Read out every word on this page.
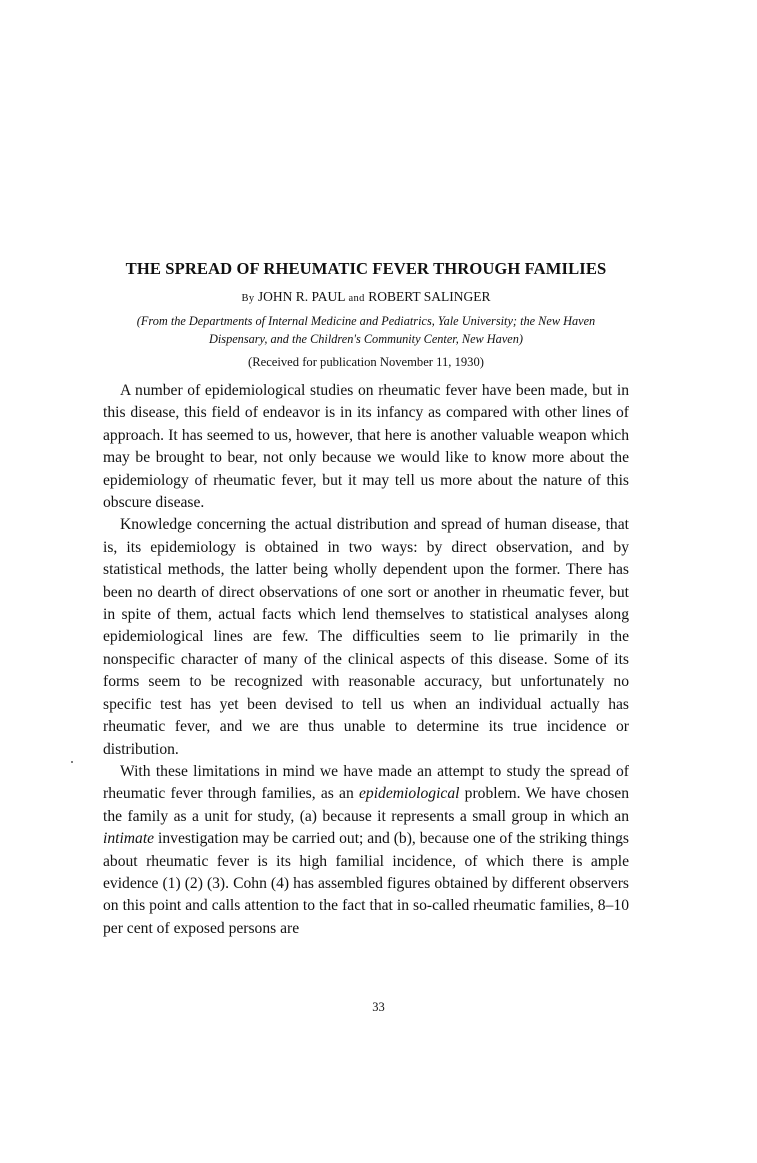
THE SPREAD OF RHEUMATIC FEVER THROUGH FAMILIES

By JOHN R. PAUL and ROBERT SALINGER

(From the Departments of Internal Medicine and Pediatrics, Yale University; the New Haven
Dispensary, and the Children's Community Center, New Haven)

(Received for publication November 11, 1930)

A number of epidemiological studies on rheumatic fever have been made, but in this disease, this field of endeavor is in its infancy as compared with other lines of approach. It has seemed to us, however, that here is another valuable weapon which may be brought to bear, not only because we would like to know more about the epidemiology of rheumatic fever, but it may tell us more about the nature of this obscure disease.

Knowledge concerning the actual distribution and spread of human disease, that is, its epidemiology is obtained in two ways: by direct observation, and by statistical methods, the latter being wholly dependent upon the former. There has been no dearth of direct observations of one sort or another in rheumatic fever, but in spite of them, actual facts which lend themselves to statistical analyses along epidemiological lines are few. The difficulties seem to lie primarily in the nonspecific character of many of the clinical aspects of this disease. Some of its forms seem to be recognized with reasonable accuracy, but unfortunately no specific test has yet been devised to tell us when an individual actually has rheumatic fever, and we are thus unable to determine its true incidence or distribution.

With these limitations in mind we have made an attempt to study the spread of rheumatic fever through families, as an epidemiological problem. We have chosen the family as a unit for study, (a) because it represents a small group in which an intimate investigation may be carried out; and (b), because one of the striking things about rheumatic fever is its high familial incidence, of which there is ample evidence (1) (2) (3). Cohn (4) has assembled figures obtained by different observers on this point and calls attention to the fact that in so-called rheumatic families, 8–10 per cent of exposed persons are

33
